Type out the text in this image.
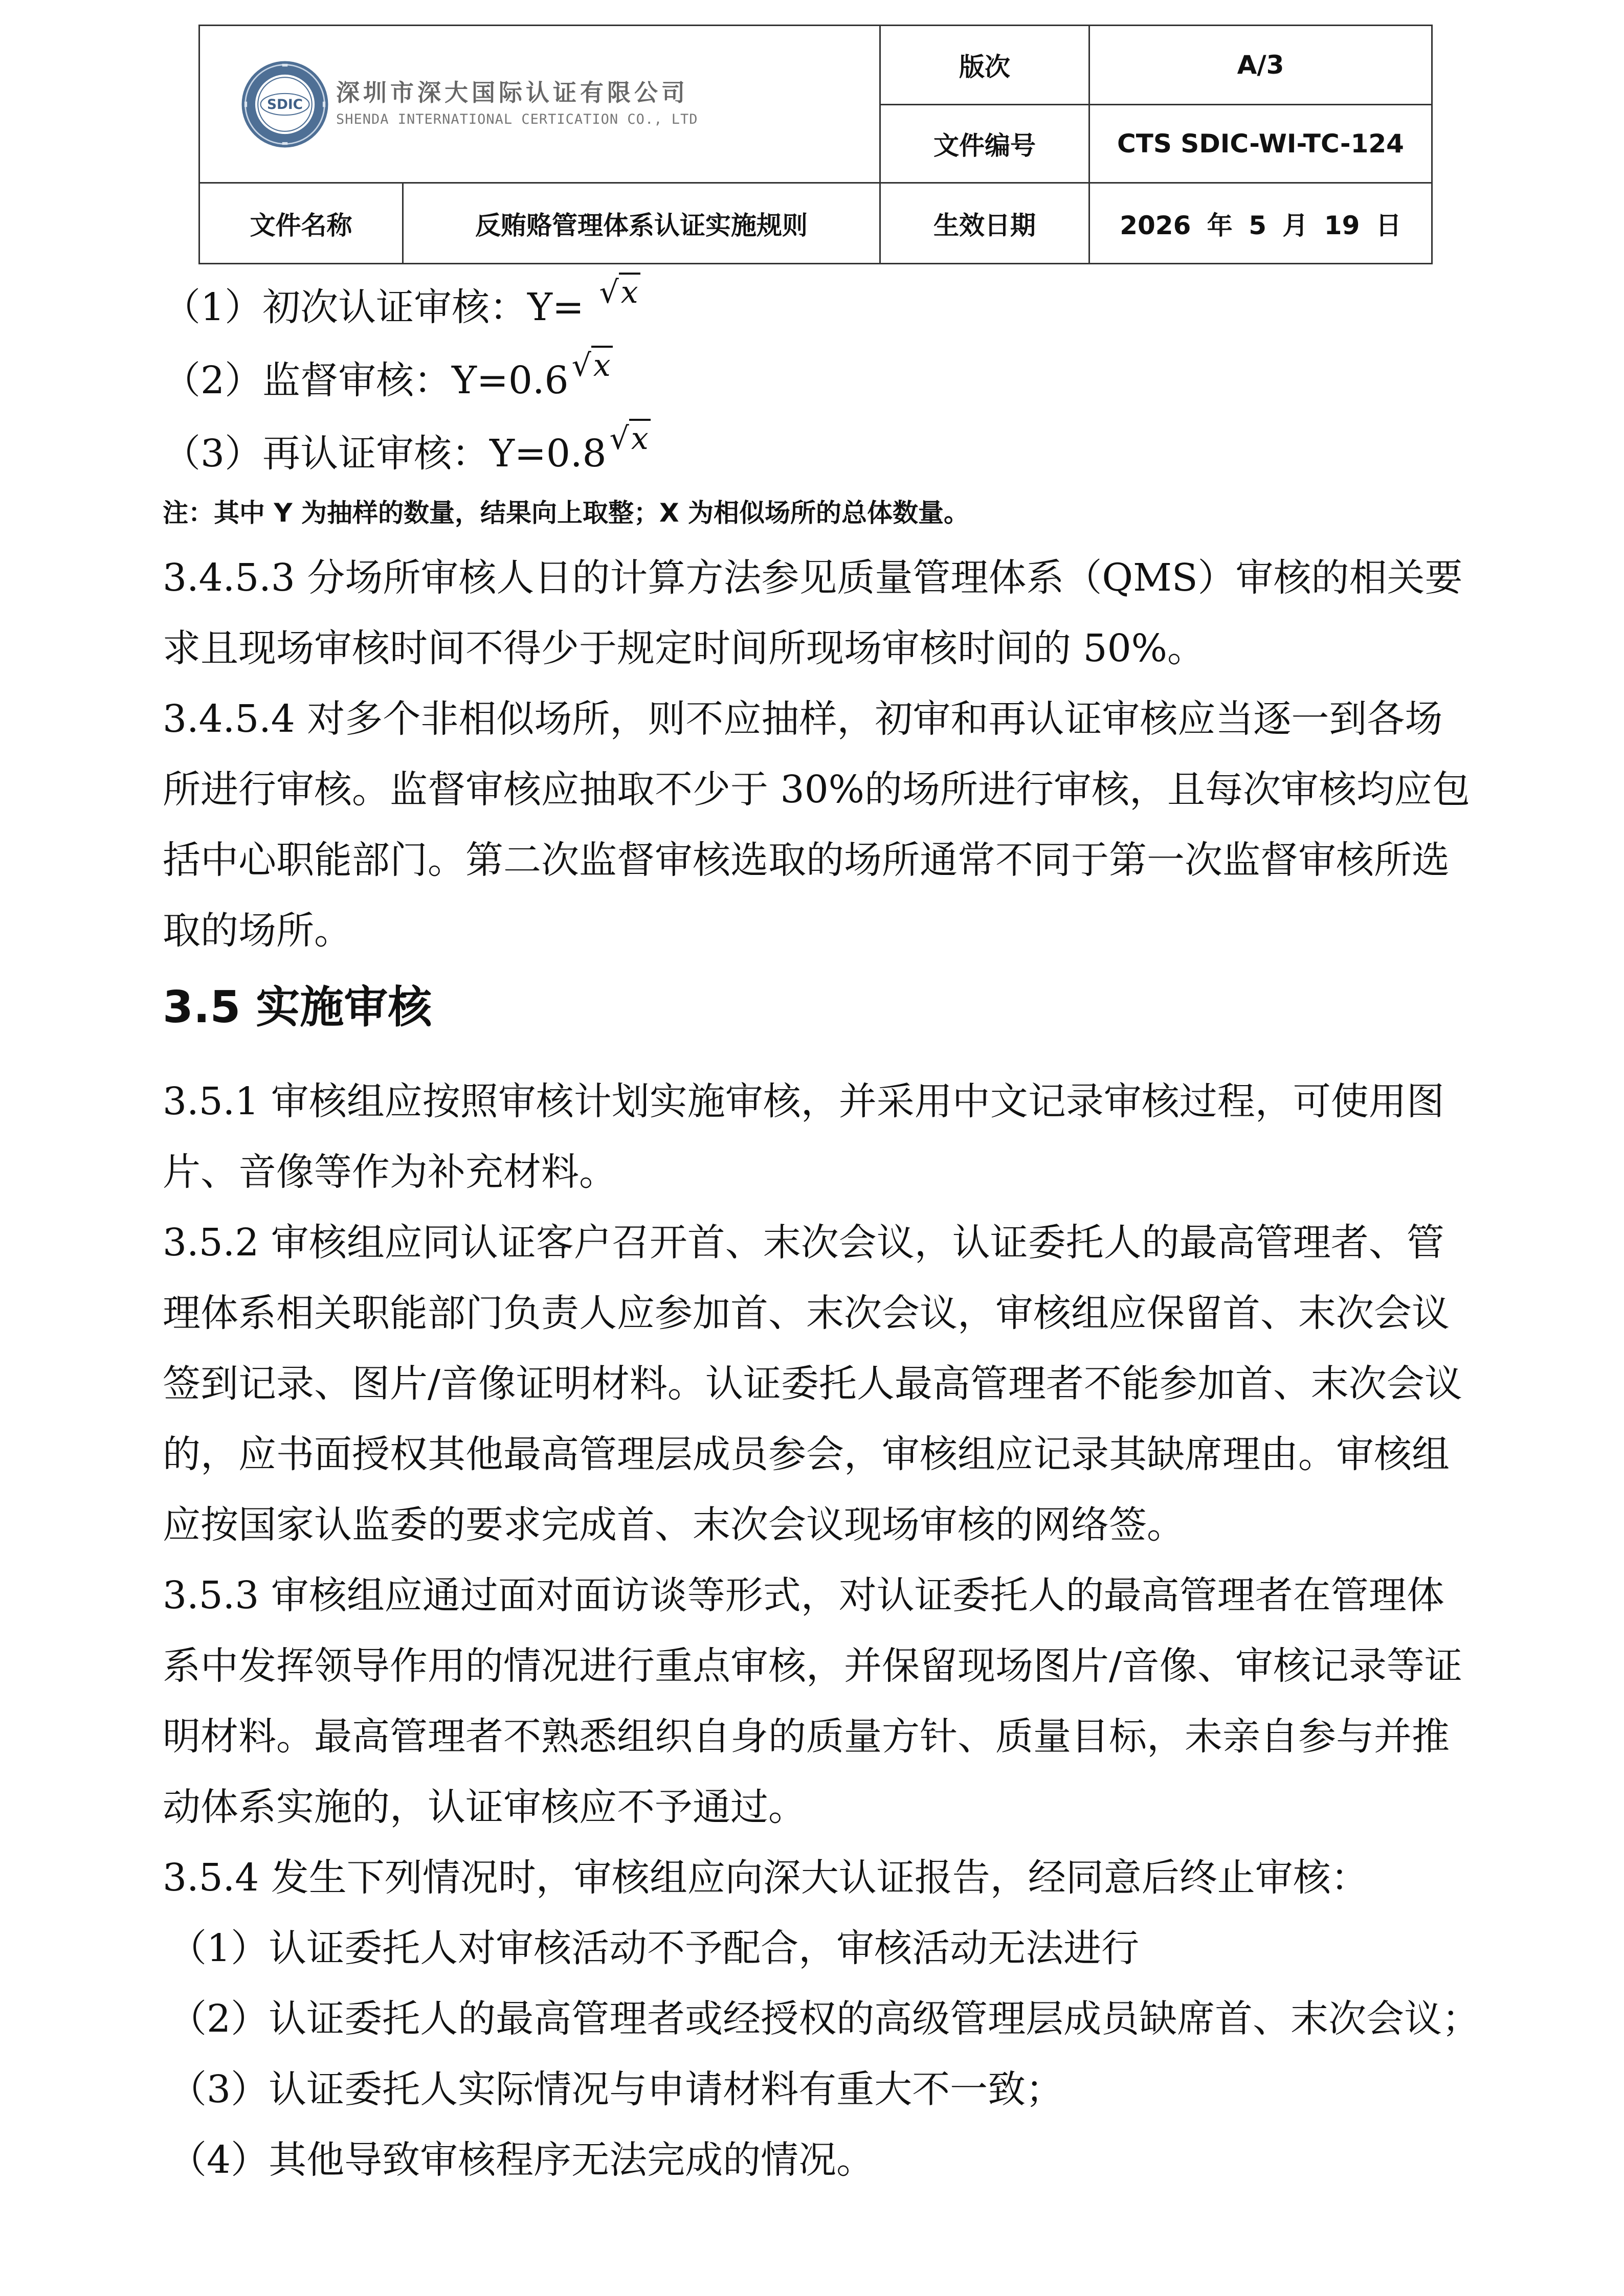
SDIC 深圳市深大国际认证有限公司
SHENDA INTERNATIONAL CERTICATION CO., LTD		版次	A/3
		文件编号	CTS SDIC-WI-TC-124
文件名称	反贿赂管理体系认证实施规则	生效日期	2026 年 5 月 19 日

（1）初次认证审核：Y= √x

（2）监督审核：Y=0.6 √x

（3）再认证审核：Y=0.8 √x

注：其中 Y 为抽样的数量，结果向上取整；X 为相似场所的总体数量。

3.4.5.3 分场所审核人日的计算方法参见质量管理体系（QMS）审核的相关要求且现场审核时间不得少于规定时间所现场审核时间的 50%。

3.4.5.4 对多个非相似场所，则不应抽样，初审和再认证审核应当逐一到各场所进行审核。监督审核应抽取不少于 30%的场所进行审核，且每次审核均应包括中心职能部门。第二次监督审核选取的场所通常不同于第一次监督审核所选取的场所。

3.5 实施审核

3.5.1 审核组应按照审核计划实施审核，并采用中文记录审核过程，可使用图片、音像等作为补充材料。

3.5.2 审核组应同认证客户召开首、末次会议，认证委托人的最高管理者、管理体系相关职能部门负责人应参加首、末次会议，审核组应保留首、末次会议签到记录、图片/音像证明材料。认证委托人最高管理者不能参加首、末次会议的，应书面授权其他最高管理层成员参会，审核组应记录其缺席理由。审核组应按国家认监委的要求完成首、末次会议现场审核的网络签。

3.5.3 审核组应通过面对面访谈等形式，对认证委托人的最高管理者在管理体系中发挥领导作用的情况进行重点审核，并保留现场图片/音像、审核记录等证明材料。最高管理者不熟悉组织自身的质量方针、质量目标，未亲自参与并推动体系实施的，认证审核应不予通过。

3.5.4 发生下列情况时，审核组应向深大认证报告，经同意后终止审核：

（1）认证委托人对审核活动不予配合，审核活动无法进行

（2）认证委托人的最高管理者或经授权的高级管理层成员缺席首、末次会议；

（3）认证委托人实际情况与申请材料有重大不一致；

（4）其他导致审核程序无法完成的情况。
